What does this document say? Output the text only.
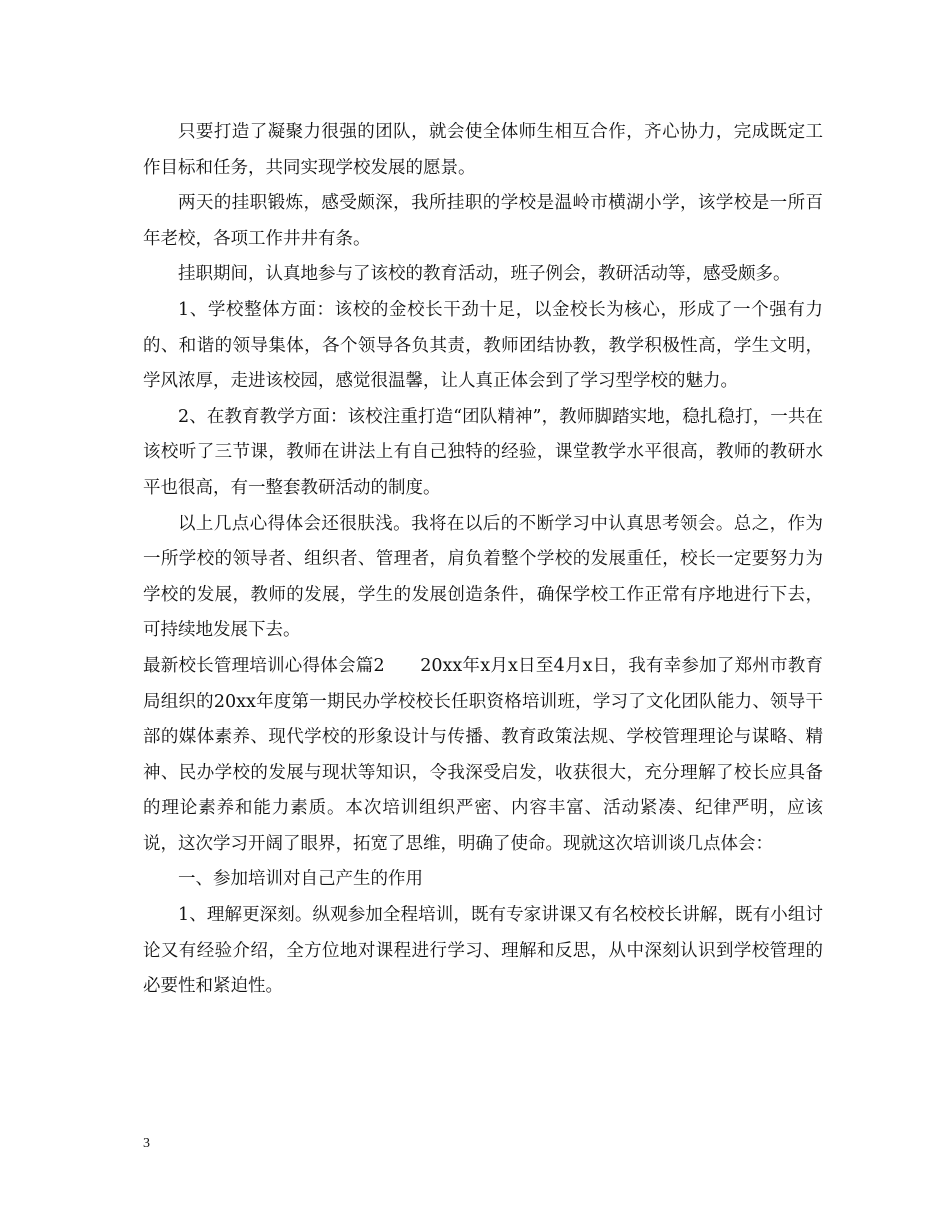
只要打造了凝聚力很强的团队，就会使全体师生相互合作，齐心协力，完成既定工作目标和任务，共同实现学校发展的愿景。

两天的挂职锻炼，感受颇深，我所挂职的学校是温岭市横湖小学，该学校是一所百年老校，各项工作井井有条。

挂职期间，认真地参与了该校的教育活动，班子例会，教研活动等，感受颇多。

1、学校整体方面：该校的金校长干劲十足，以金校长为核心，形成了一个强有力的、和谐的领导集体，各个领导各负其责，教师团结协教，教学积极性高，学生文明，学风浓厚，走进该校园，感觉很温馨，让人真正体会到了学习型学校的魅力。

2、在教育教学方面：该校注重打造“团队精神”，教师脚踏实地，稳扎稳打，一共在该校听了三节课，教师在讲法上有自己独特的经验，课堂教学水平很高，教师的教研水平也很高，有一整套教研活动的制度。

以上几点心得体会还很肤浅。我将在以后的不断学习中认真思考领会。总之，作为一所学校的领导者、组织者、管理者，肩负着整个学校的发展重任，校长一定要努力为学校的发展，教师的发展，学生的发展创造条件，确保学校工作正常有序地进行下去，可持续地发展下去。

最新校长管理培训心得体会篇2　　20xx年x月x日至4月x日，我有幸参加了郑州市教育局组织的20xx年度第一期民办学校校长任职资格培训班，学习了文化团队能力、领导干部的媒体素养、现代学校的形象设计与传播、教育政策法规、学校管理理论与谋略、精神、民办学校的发展与现状等知识，令我深受启发，收获很大，充分理解了校长应具备的理论素养和能力素质。本次培训组织严密、内容丰富、活动紧凑、纪律严明，应该说，这次学习开阔了眼界，拓宽了思维，明确了使命。现就这次培训谈几点体会：

一、参加培训对自己产生的作用

1、理解更深刻。纵观参加全程培训，既有专家讲课又有名校校长讲解，既有小组讨论又有经验介绍，全方位地对课程进行学习、理解和反思，从中深刻认识到学校管理的必要性和紧迫性。

3
